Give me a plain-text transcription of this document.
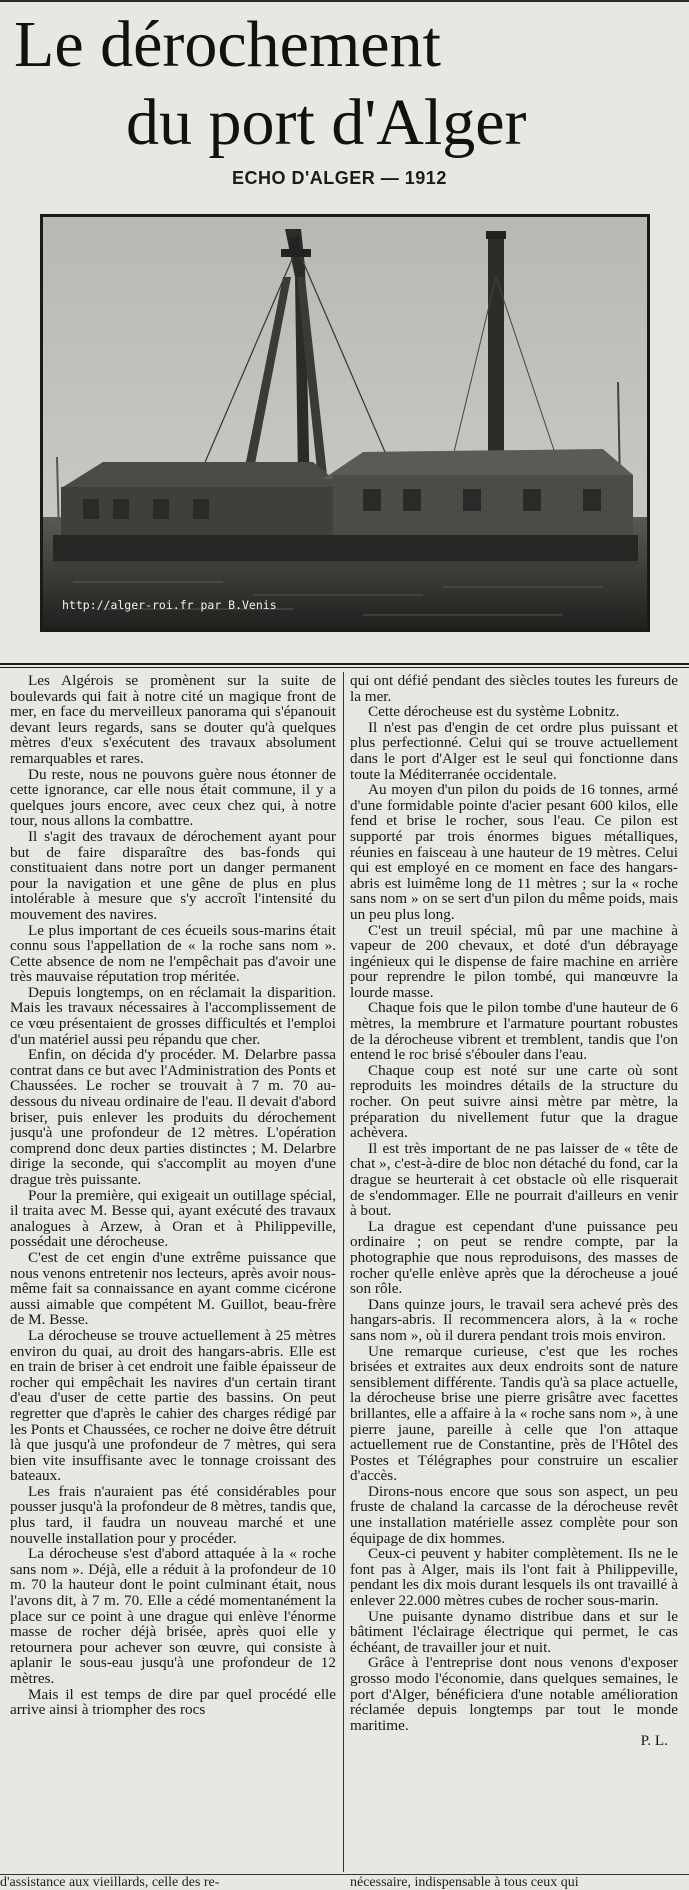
Le dérochement
du port d'Alger
ECHO D'ALGER — 1912
http://alger-roi.fr par B.Venis

Les Algérois se promènent sur la suite de boulevards qui fait à notre cité un magique front de mer, en face du merveilleux panorama qui s'épanouit devant leurs regards, sans se douter qu'à quelques mètres d'eux s'exécutent des travaux absolument remarquables et rares.

Du reste, nous ne pouvons guère nous étonner de cette ignorance, car elle nous était commune, il y a quelques jours encore, avec ceux chez qui, à notre tour, nous allons la combattre.

Il s'agit des travaux de dérochement ayant pour but de faire disparaître des bas-fonds qui constituaient dans notre port un danger permanent pour la navigation et une gêne de plus en plus intolérable à mesure que s'y accroît l'intensité du mouvement des navires.

Le plus important de ces écueils sous-marins était connu sous l'appellation de « la roche sans nom ». Cette absence de nom ne l'empêchait pas d'avoir une très mauvaise réputation trop méritée.

Depuis longtemps, on en réclamait la disparition. Mais les travaux nécessaires à l'accomplissement de ce vœu présentaient de grosses difficultés et l'emploi d'un matériel aussi peu répandu que cher.

Enfin, on décida d'y procéder. M. Delarbre passa contrat dans ce but avec l'Administration des Ponts et Chaussées. Le rocher se trouvait à 7 m. 70 au-dessous du niveau ordinaire de l'eau. Il devait d'abord briser, puis enlever les produits du dérochement jusqu'à une profondeur de 12 mètres. L'opération comprend donc deux parties distinctes ; M. Delarbre dirige la seconde, qui s'accomplit au moyen d'une drague très puissante.

Pour la première, qui exigeait un outillage spécial, il traita avec M. Besse qui, ayant exécuté des travaux analogues à Arzew, à Oran et à Philippeville, possédait une dérocheuse.

C'est de cet engin d'une extrême puissance que nous venons entretenir nos lecteurs, après avoir nous-même fait sa connaissance en ayant comme cicérone aussi aimable que compétent M. Guillot, beau-frère de M. Besse.

La dérocheuse se trouve actuellement à 25 mètres environ du quai, au droit des hangars-abris. Elle est en train de briser à cet endroit une faible épaisseur de rocher qui empêchait les navires d'un certain tirant d'eau d'user de cette partie des bassins. On peut regretter que d'après le cahier des charges rédigé par les Ponts et Chaussées, ce rocher ne doive être détruit là que jusqu'à une profondeur de 7 mètres, qui sera bien vite insuffisante avec le tonnage croissant des bateaux.

Les frais n'auraient pas été considérables pour pousser jusqu'à la profondeur de 8 mètres, tandis que, plus tard, il faudra un nouveau marché et une nouvelle installation pour y procéder.

La dérocheuse s'est d'abord attaquée à la « roche sans nom ». Déjà, elle a réduit à la profondeur de 10 m. 70 la hauteur dont le point culminant était, nous l'avons dit, à 7 m. 70. Elle a cédé momentanément la place sur ce point à une drague qui enlève l'énorme masse de rocher déjà brisée, après quoi elle y retournera pour achever son œuvre, qui consiste à aplanir le sous-eau jusqu'à une profondeur de 12 mètres.

Mais il est temps de dire par quel procédé elle arrive ainsi à triompher des rocs

qui ont défié pendant des siècles toutes les fureurs de la mer.

Cette dérocheuse est du système Lobnitz.

Il n'est pas d'engin de cet ordre plus puissant et plus perfectionné. Celui qui se trouve actuellement dans le port d'Alger est le seul qui fonctionne dans toute la Méditerranée occidentale.

Au moyen d'un pilon du poids de 16 tonnes, armé d'une formidable pointe d'acier pesant 600 kilos, elle fend et brise le rocher, sous l'eau. Ce pilon est supporté par trois énormes bigues métalliques, réunies en faisceau à une hauteur de 19 mètres. Celui qui est employé en ce moment en face des hangars-abris est luimême long de 11 mètres ; sur la « roche sans nom » on se sert d'un pilon du même poids, mais un peu plus long.

C'est un treuil spécial, mû par une machine à vapeur de 200 chevaux, et doté d'un débrayage ingénieux qui le dispense de faire machine en arrière pour reprendre le pilon tombé, qui manœuvre la lourde masse.

Chaque fois que le pilon tombe d'une hauteur de 6 mètres, la membrure et l'armature pourtant robustes de la dérocheuse vibrent et tremblent, tandis que l'on entend le roc brisé s'ébouler dans l'eau.

Chaque coup est noté sur une carte où sont reproduits les moindres détails de la structure du rocher. On peut suivre ainsi mètre par mètre, la préparation du nivellement futur que la drague achèvera.

Il est très important de ne pas laisser de « tête de chat », c'est-à-dire de bloc non détaché du fond, car la drague se heurterait à cet obstacle où elle risquerait de s'endommager. Elle ne pourrait d'ailleurs en venir à bout.

La drague est cependant d'une puissance peu ordinaire ; on peut se rendre compte, par la photographie que nous reproduisons, des masses de rocher qu'elle enlève après que la dérocheuse a joué son rôle.

Dans quinze jours, le travail sera achevé près des hangars-abris. Il recommencera alors, à la « roche sans nom », où il durera pendant trois mois environ.

Une remarque curieuse, c'est que les roches brisées et extraites aux deux endroits sont de nature sensiblement différente. Tandis qu'à sa place actuelle, la dérocheuse brise une pierre grisâtre avec facettes brillantes, elle a affaire à la « roche sans nom », à une pierre jaune, pareille à celle que l'on attaque actuellement rue de Constantine, près de l'Hôtel des Postes et Télégraphes pour construire un escalier d'accès.

Dirons-nous encore que sous son aspect, un peu fruste de chaland la carcasse de la dérocheuse revêt une installation matérielle assez complète pour son équipage de dix hommes.

Ceux-ci peuvent y habiter complètement. Ils ne le font pas à Alger, mais ils l'ont fait à Philippeville, pendant les dix mois durant lesquels ils ont travaillé à enlever 22.000 mètres cubes de rocher sous-marin.

Une puisante dynamo distribue dans et sur le bâtiment l'éclairage électrique qui permet, le cas échéant, de travailler jour et nuit.

Grâce à l'entreprise dont nous venons d'exposer grosso modo l'économie, dans quelques semaines, le port d'Alger, bénéficiera d'une notable amélioration réclamée depuis longtemps par tout le monde maritime.

P. L.

d'assistance aux vieillards, celle des re-	nécessaire, indispensable à tous ceux qui
